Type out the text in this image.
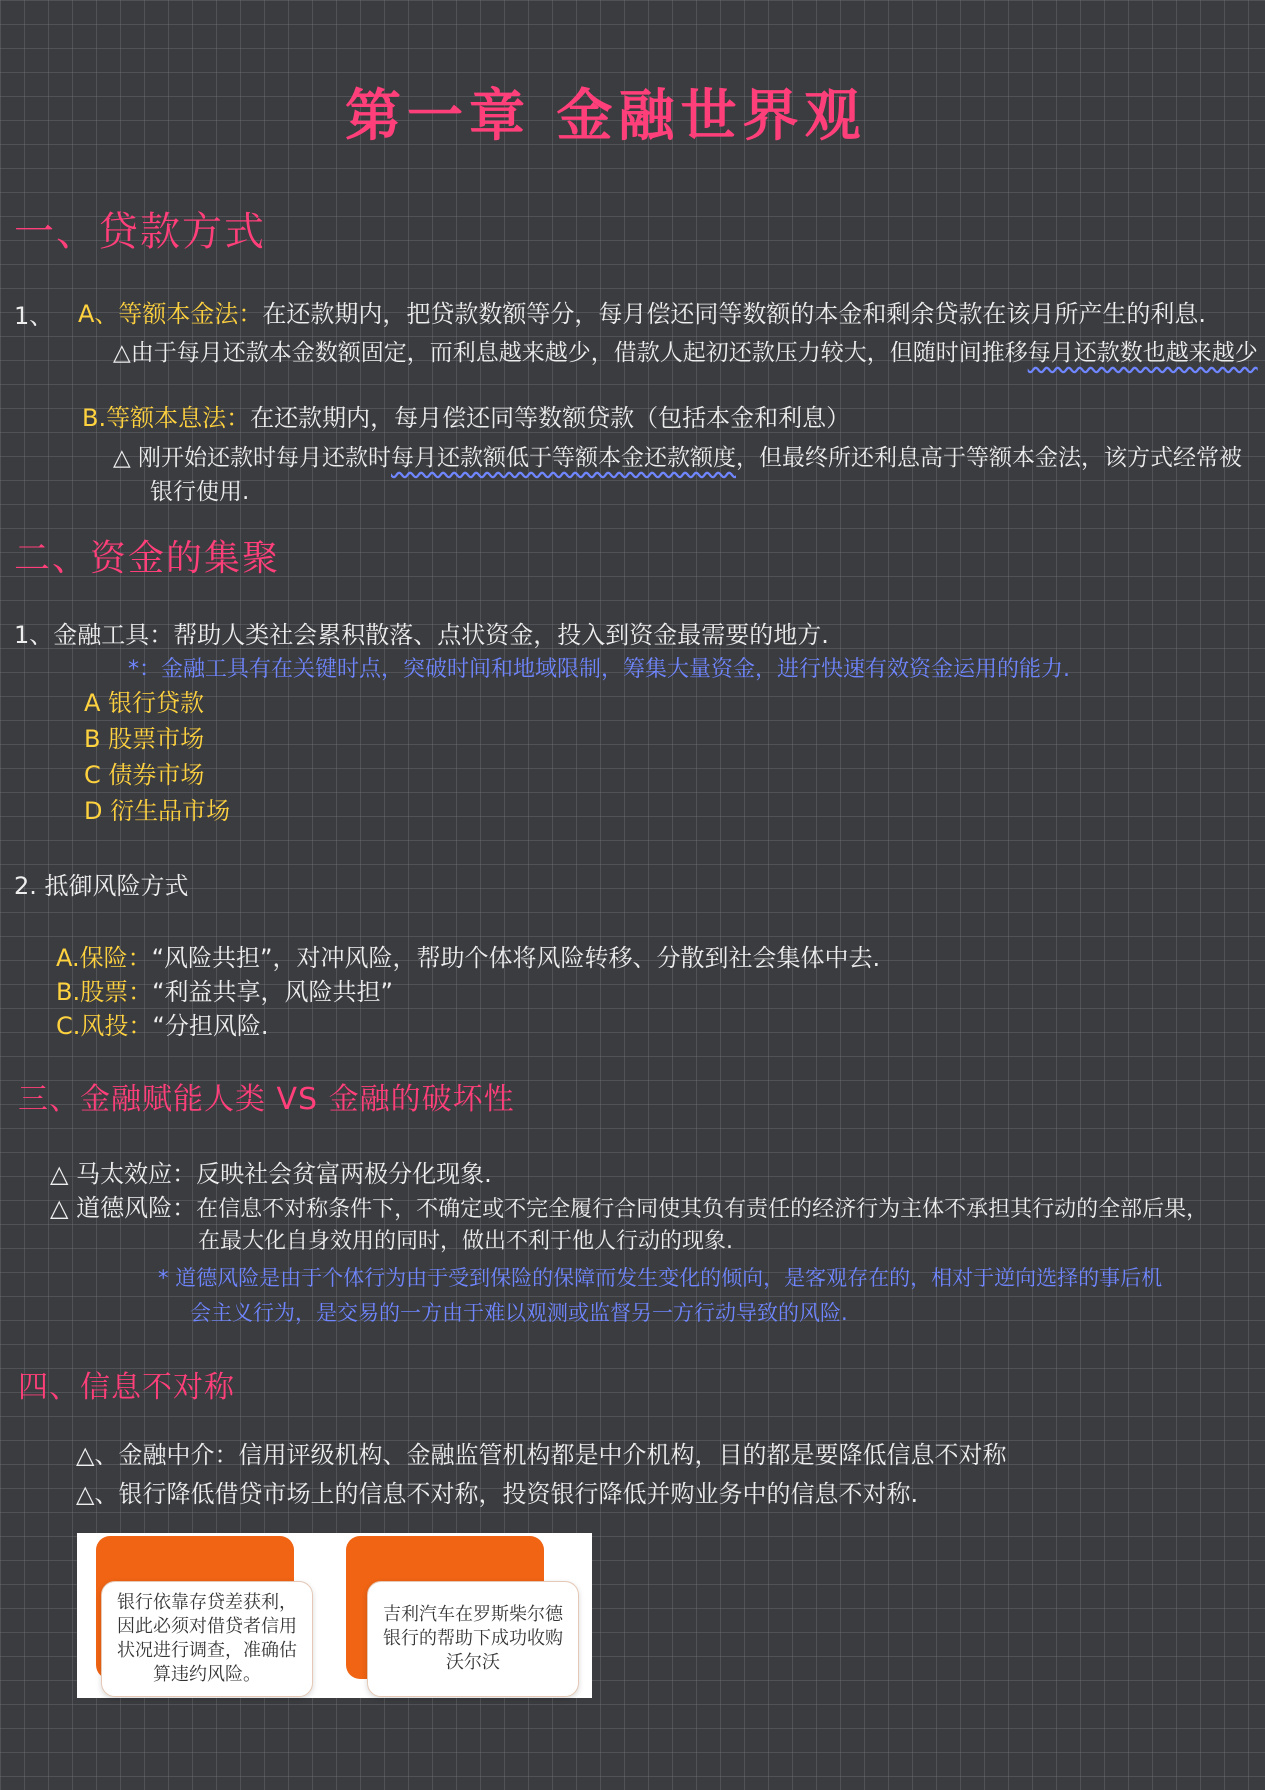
第一章 金融世界观
一、贷款方式
1、 A、等额本金法：在还款期内，把贷款数额等分，每月偿还同等数额的本金和剩余贷款在该月所产生的利息.
△由于每月还款本金数额固定，而利息越来越少，借款人起初还款压力较大，但随时间推移每月还款数也越来越少
B.等额本息法：在还款期内，每月偿还同等数额贷款（包括本金和利息）
△ 刚开始还款时每月还款时每月还款额低于等额本金还款额度，但最终所还利息高于等额本金法，该方式经常被
银行使用.
二、资金的集聚
1、金融工具：帮助人类社会累积散落、点状资金，投入到资金最需要的地方.
*：金融工具有在关键时点，突破时间和地域限制，筹集大量资金，进行快速有效资金运用的能力.
A 银行贷款
B 股票市场
C 债券市场
D 衍生品市场
2. 抵御风险方式
A.保险：“风险共担”，对冲风险，帮助个体将风险转移、分散到社会集体中去.
B.股票：“利益共享，风险共担”
C.风投：“分担风险.
三、金融赋能人类 VS 金融的破坏性
△ 马太效应：反映社会贫富两极分化现象.
△ 道德风险：在信息不对称条件下，不确定或不完全履行合同使其负有责任的经济行为主体不承担其行动的全部后果，
在最大化自身效用的同时，做出不利于他人行动的现象.
* 道德风险是由于个体行为由于受到保险的保障而发生变化的倾向，是客观存在的，相对于逆向选择的事后机
会主义行为，是交易的一方由于难以观测或监督另一方行动导致的风险.
四、信息不对称
△、金融中介：信用评级机构、金融监管机构都是中介机构，目的都是要降低信息不对称
△、银行降低借贷市场上的信息不对称，投资银行降低并购业务中的信息不对称.
银行依靠存贷差获利，因此必须对借贷者信用状况进行调查，准确估算违约风险。
吉利汽车在罗斯柴尔德银行的帮助下成功收购沃尔沃
